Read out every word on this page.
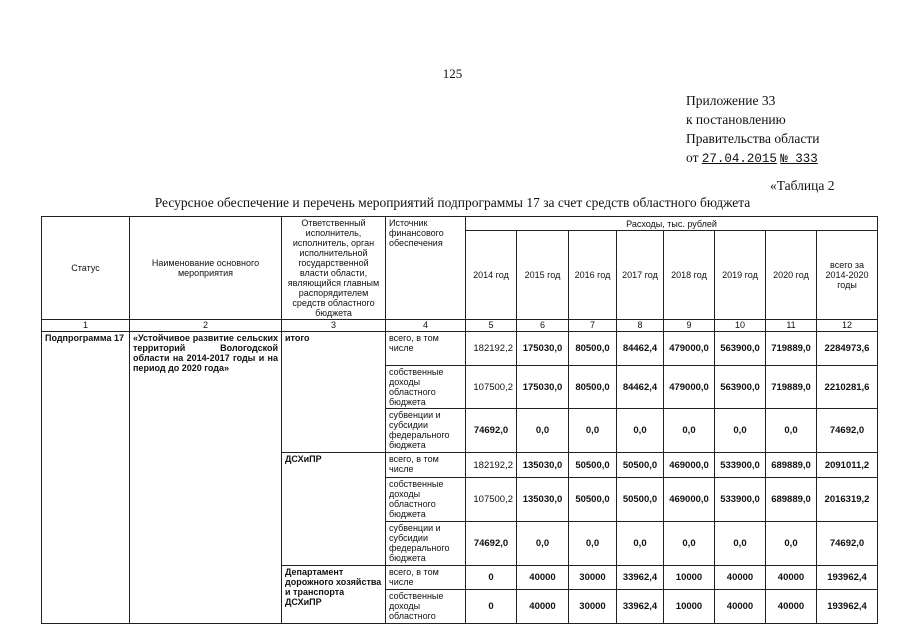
125
Приложение 33
к постановлению
Правительства области
от 27.04.2015 № 333
«Таблица 2
Ресурсное обеспечение и перечень мероприятий подпрограммы 17 за счет средств областного бюджета
Статус	Наименование основного мероприятия	Ответственный исполнитель, исполнитель, орган исполнительной государственной власти области, являющийся главным распорядителем средств областного бюджета	Источник финансового обеспечения	Расходы, тыс. рублей							
				2014 год	2015 год	2016 год	2017 год	2018 год	2019 год	2020 год	всего за 2014-2020 годы
1	2	3	4	5	6	7	8	9	10	11	12
Подпрограмма 17	«Устойчивое развитие сельских территорий Вологодской области на 2014-2017 годы и на период до 2020 года»	итого	всего, в том числе	182192,2	175030,0	80500,0	84462,4	479000,0	563900,0	719889,0	2284973,6
			собственные доходы областного бюджета	107500,2	175030,0	80500,0	84462,4	479000,0	563900,0	719889,0	2210281,6
			субвенции и субсидии федерального бюджета	74692,0	0,0	0,0	0,0	0,0	0,0	0,0	74692,0
		ДСХиПР	всего, в том числе	182192,2	135030,0	50500,0	50500,0	469000,0	533900,0	689889,0	2091011,2
			собственные доходы областного бюджета	107500,2	135030,0	50500,0	50500,0	469000,0	533900,0	689889,0	2016319,2
			субвенции и субсидии федерального бюджета	74692,0	0,0	0,0	0,0	0,0	0,0	0,0	74692,0
		Департамент дорожного хозяйства и транспорта ДСХиПР	всего, в том числе	0	40000	30000	33962,4	10000	40000	40000	193962,4
			собственные доходы областного	0	40000	30000	33962,4	10000	40000	40000	193962,4
